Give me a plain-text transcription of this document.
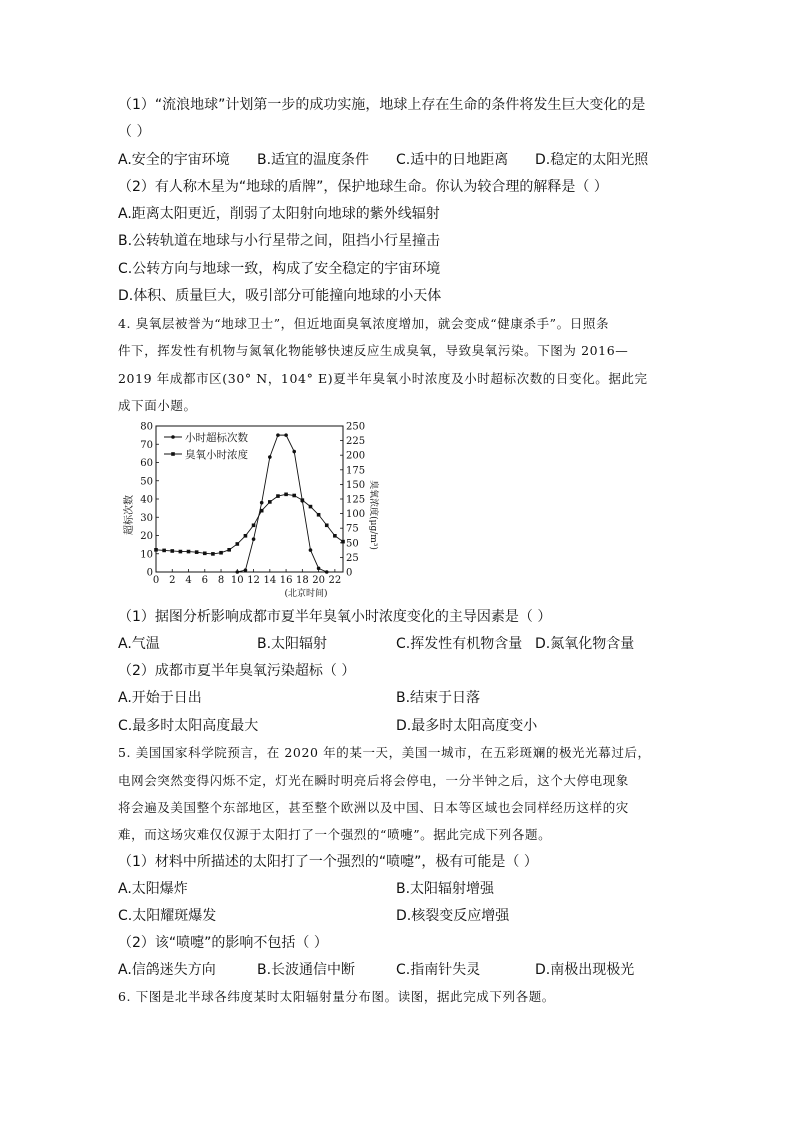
（1）“流浪地球”计划第一步的成功实施，地球上存在生命的条件将发生巨大变化的是
（ ）
A.安全的宇宙环境 B.适宜的温度条件 C.适中的日地距离 D.稳定的太阳光照
（2）有人称木星为“地球的盾牌”，保护地球生命。你认为较合理的解释是（ ）
A.距离太阳更近，削弱了太阳射向地球的紫外线辐射
B.公转轨道在地球与小行星带之间，阻挡小行星撞击
C.公转方向与地球一致，构成了安全稳定的宇宙环境
D.体积、质量巨大，吸引部分可能撞向地球的小天体
4. 臭氧层被誉为“地球卫士”，但近地面臭氧浓度增加，就会变成“健康杀手”。日照条
件下，挥发性有机物与氮氧化物能够快速反应生成臭氧，导致臭氧污染。下图为 2016—
2019 年成都市区(30° N，104° E)夏半年臭氧小时浓度及小时超标次数的日变化。据此完
成下面小题。
0
10
20
30
40
50
60
70
80
0
25
50
75
100
125
150
175
200
225
250
0 2 4 6 8 10 12 14 16 18 20 22
小时超标次数
臭氧小时浓度
(北京时间)
超标次数	臭氧浓度(μg/m³)
（1）据图分析影响成都市夏半年臭氧小时浓度变化的主导因素是（ ）
A.气温	B.太阳辐射	C.挥发性有机物含量 D.氮氧化物含量
（2）成都市夏半年臭氧污染超标（ ）
A.开始于日出	B.结束于日落
C.最多时太阳高度最大	D.最多时太阳高度变小
5. 美国国家科学院预言，在 2020 年的某一天，美国一城市，在五彩斑斓的极光光幕过后，
电网会突然变得闪烁不定，灯光在瞬时明亮后将会停电，一分半钟之后，这个大停电现象
将会遍及美国整个东部地区，甚至整个欧洲以及中国、日本等区域也会同样经历这样的灾
难，而这场灾难仅仅源于太阳打了一个强烈的“喷嚏”。据此完成下列各题。
（1）材料中所描述的太阳打了一个强烈的“喷嚏”，极有可能是（ ）
A.太阳爆炸	B.太阳辐射增强
C.太阳耀斑爆发	D.核裂变反应增强
（2）该“喷嚏”的影响不包括（ ）
A.信鸽迷失方向	B.长波通信中断	C.指南针失灵	D.南极出现极光
6. 下图是北半球各纬度某时太阳辐射量分布图。读图，据此完成下列各题。
